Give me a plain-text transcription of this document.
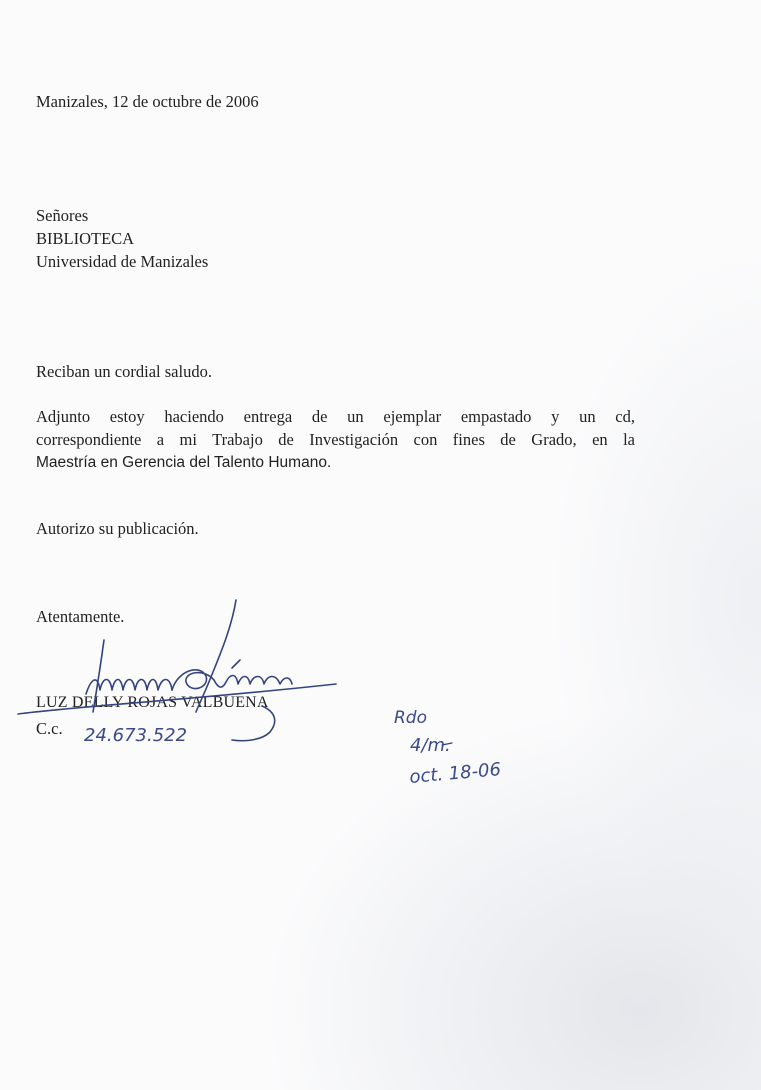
Manizales, 12 de octubre de 2006
Señores
BIBLIOTECA
Universidad de Manizales
Reciban un cordial saludo.
Adjunto estoy haciendo entrega de un ejemplar empastado y un cd,
correspondiente a mi Trabajo de Investigación con fines de Grado, en la
Maestría en Gerencia del Talento Humano.
Autorizo su publicación.
Atentamente.
LUZ DELLY ROJAS VALBUENA
C.c. 24.673.522
Rdo
4/m.
oct. 18-06
